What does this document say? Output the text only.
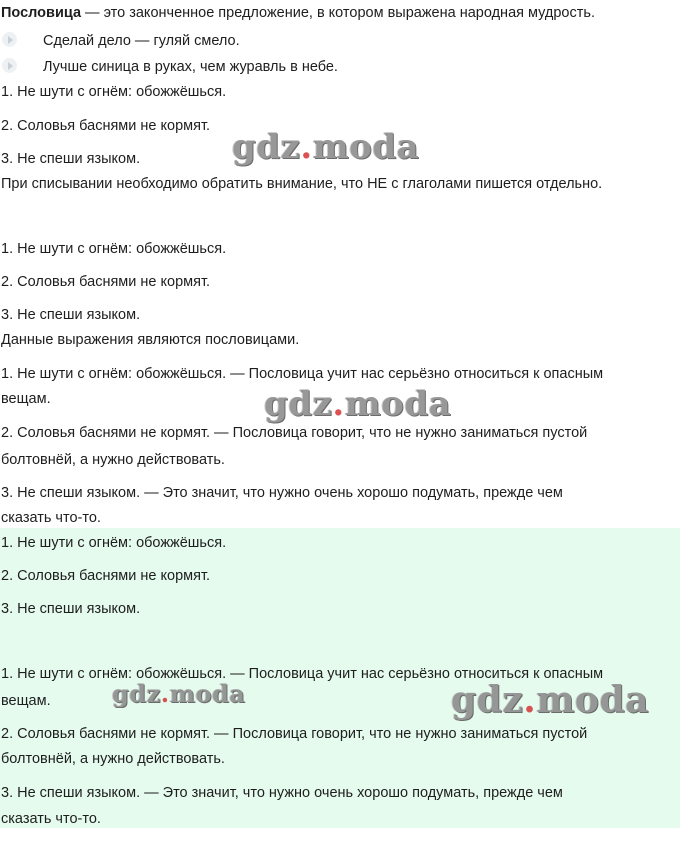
Пословица — это законченное предложение, в котором выражена народная мудрость.
Сделай дело — гуляй смело.
Лучше синица в руках, чем журавль в небе.
1. Не шути с огнём: обожжёшься.
2. Соловья баснями не кормят.
3. Не спеши языком.
При списывании необходимо обратить внимание, что НЕ с глаголами пишется отдельно.
1. Не шути с огнём: обожжёшься.
2. Соловья баснями не кормят.
3. Не спеши языком.
Данные выражения являются пословицами.
1. Не шути с огнём: обожжёшься. — Пословица учит нас серьёзно относиться к опасным
вещам.
2. Соловья баснями не кормят. — Пословица говорит, что не нужно заниматься пустой
болтовнёй, а нужно действовать.
3. Не спеши языком. — Это значит, что нужно очень хорошо подумать, прежде чем
сказать что-то.
1. Не шути с огнём: обожжёшься.
2. Соловья баснями не кормят.
3. Не спеши языком.
1. Не шути с огнём: обожжёшься. — Пословица учит нас серьёзно относиться к опасным
вещам.
2. Соловья баснями не кормят. — Пословица говорит, что не нужно заниматься пустой
болтовнёй, а нужно действовать.
3. Не спеши языком. — Это значит, что нужно очень хорошо подумать, прежде чем
сказать что-то.
gdz.moda
gdz.moda
gdz.moda	gdz.moda
